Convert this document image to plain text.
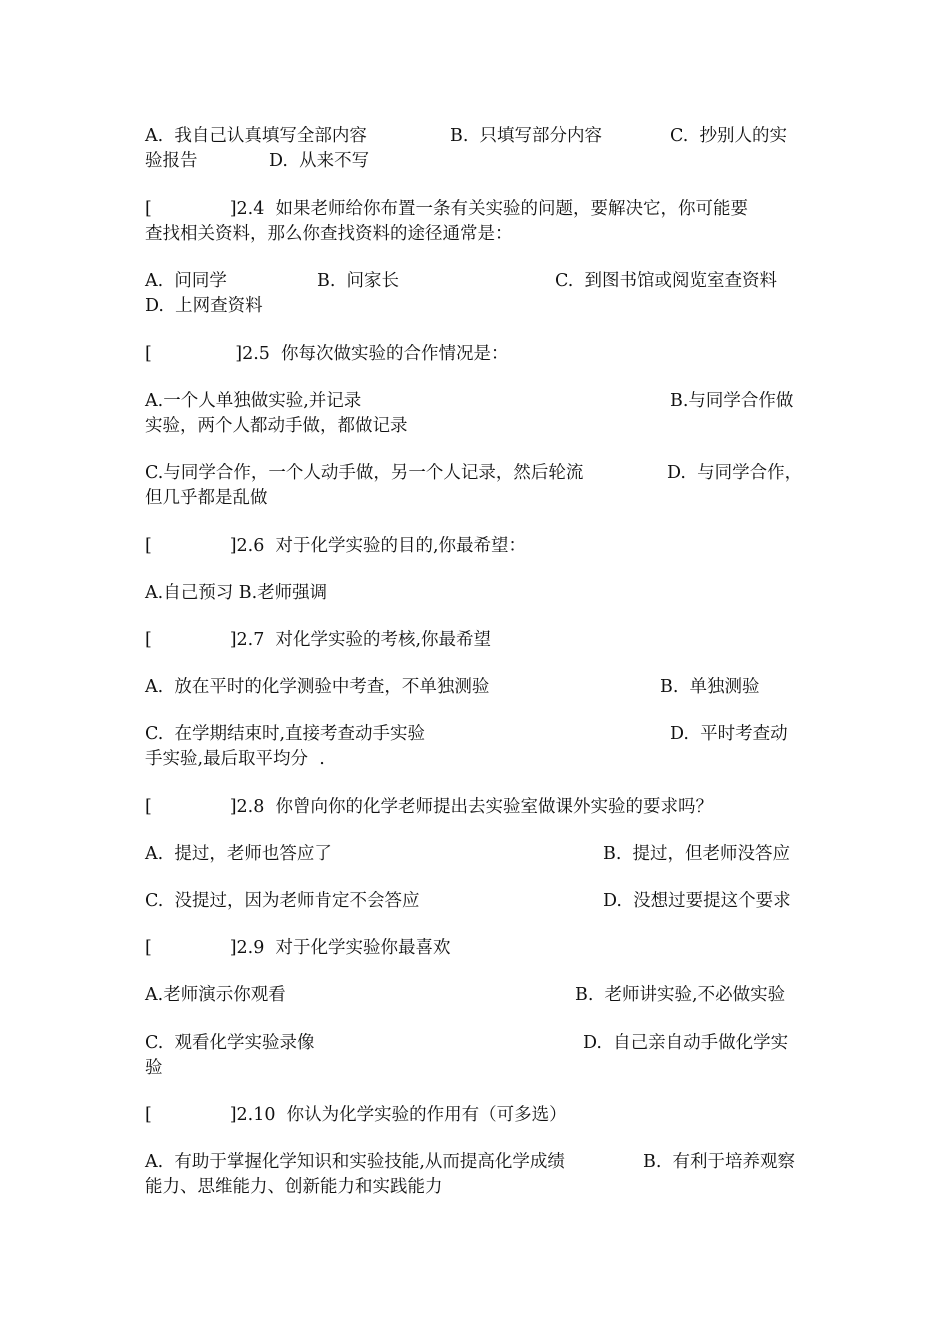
A.  我自己认真填写全部内容

	B.  只填写部分内容

	C.  抄别人的实

验报告

	D.  从来不写

[              ]2.4  如果老师给你布置一条有关实验的问题，要解决它，你可能要
查找相关资料，那么你查找资料的途径通常是：

A.  问同学

	B.  问家长

	C.  到图书馆或阅览室查资料

D.  上网查资料
[               ]2.5  你每次做实验的合作情况是：

A.一个人单独做实验,并记录

	B.与同学合作做

实验，两个人都动手做，都做记录

C.与同学合作，一个人动手做，另一个人记录，然后轮流

	D.  与同学合作，

但几乎都是乱做
[              ]2.6  对于化学实验的目的,你最希望：
A.自己预习 B.老师强调
[              ]2.7  对化学实验的考核,你最希望

A.  放在平时的化学测验中考查，不单独测验

	B.  单独测验

C.  在学期结束时,直接考查动手实验

	D.  平时考查动

手实验,最后取平均分  .
[              ]2.8  你曾向你的化学老师提出去实验室做课外实验的要求吗？

A.  提过，老师也答应了

	B.  提过，但老师没答应

C.  没提过，因为老师肯定不会答应

	D.  没想过要提这个要求

[              ]2.9  对于化学实验你最喜欢

A.老师演示你观看

	B.  老师讲实验,不必做实验

C.  观看化学实验录像

	D.  自己亲自动手做化学实

验
[              ]2.10  你认为化学实验的作用有（可多选）

A.  有助于掌握化学知识和实验技能,从而提高化学成绩

	B.  有利于培养观察

能力、思维能力、创新能力和实践能力
